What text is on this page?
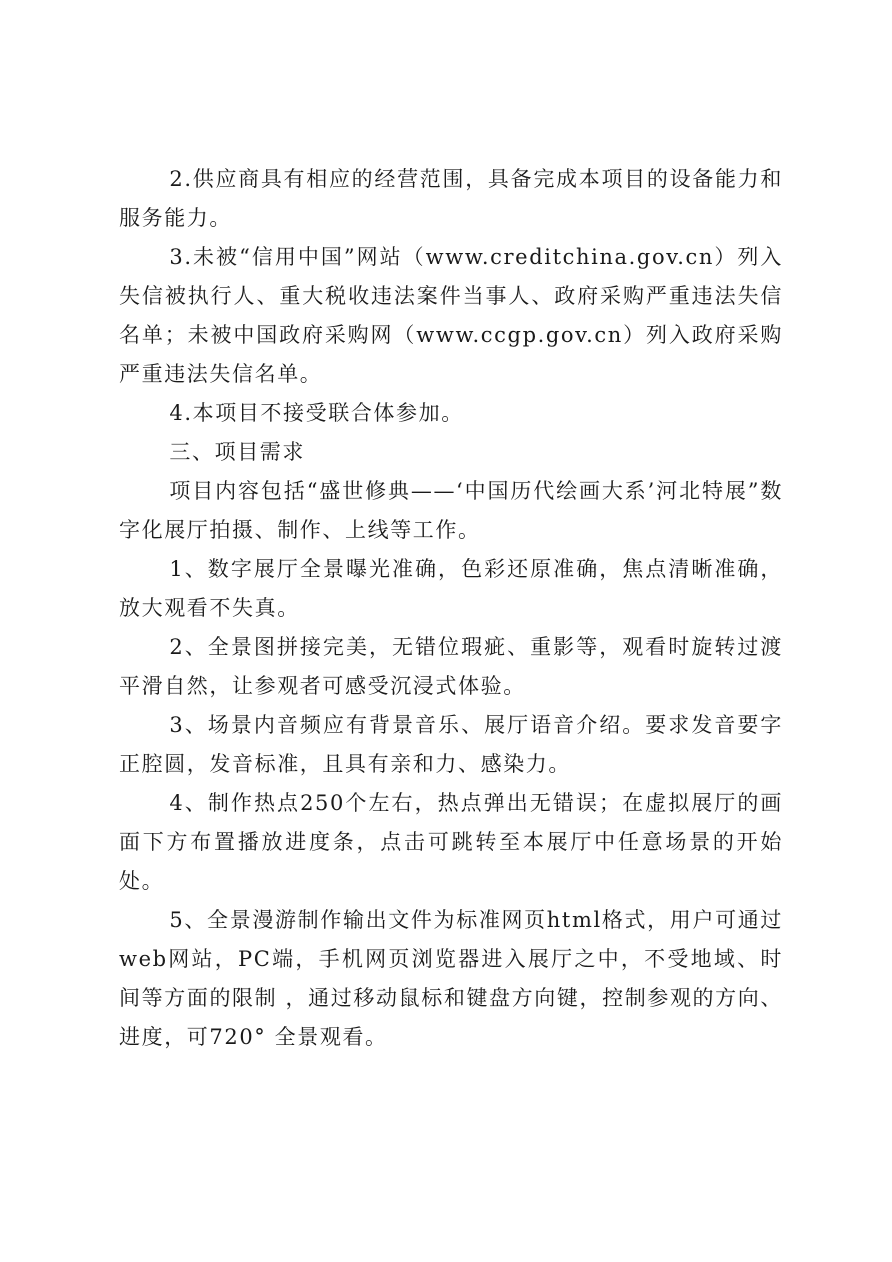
2.供应商具有相应的经营范围，具备完成本项目的设备能力和服务能力。

3.未被“信用中国”网站（www.creditchina.gov.cn）列入失信被执行人、重大税收违法案件当事人、政府采购严重违法失信名单；未被中国政府采购网（www.ccgp.gov.cn）列入政府采购严重违法失信名单。

4.本项目不接受联合体参加。

三、项目需求

项目内容包括“盛世修典——‘中国历代绘画大系’河北特展”数字化展厅拍摄、制作、上线等工作。

1、数字展厅全景曝光准确，色彩还原准确，焦点清晰准确，放大观看不失真。

2、全景图拼接完美，无错位瑕疵、重影等，观看时旋转过渡平滑自然，让参观者可感受沉浸式体验。

3、场景内音频应有背景音乐、展厅语音介绍。要求发音要字正腔圆，发音标准，且具有亲和力、感染力。

4、制作热点250个左右，热点弹出无错误；在虚拟展厅的画面下方布置播放进度条，点击可跳转至本展厅中任意场景的开始处。

5、全景漫游制作输出文件为标准网页html格式，用户可通过web网站，PC端，手机网页浏览器进入展厅之中，不受地域、时间等方面的限制 ，通过移动鼠标和键盘方向键，控制参观的方向、进度，可720° 全景观看。
